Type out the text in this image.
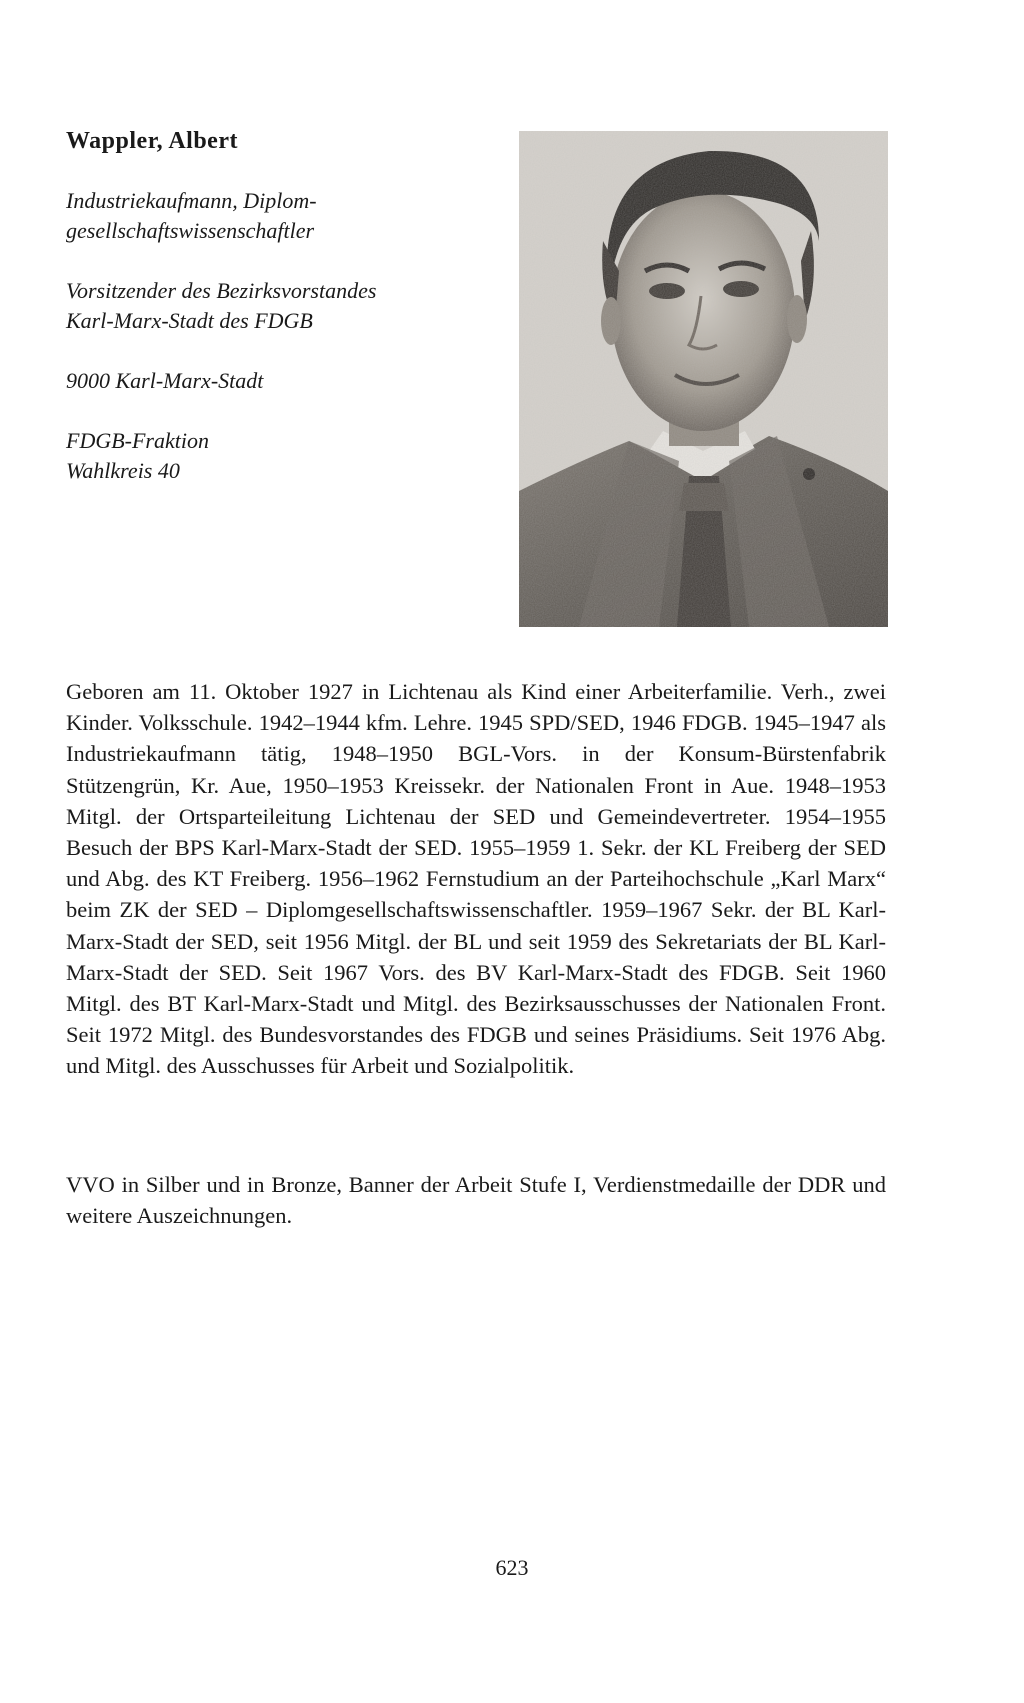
Wappler, Albert
Industriekaufmann, Diplom-
gesellschaftswissenschaftler
Vorsitzender des Bezirksvorstandes
Karl-Marx-Stadt des FDGB
9000 Karl-Marx-Stadt
FDGB-Fraktion
Wahlkreis 40

Geboren am 11. Oktober 1927 in Lichtenau als Kind einer Arbeiterfamilie. Verh., zwei Kinder. Volksschule. 1942–1944 kfm. Lehre. 1945 SPD/SED, 1946 FDGB. 1945–1947 als Industriekaufmann tätig, 1948–1950 BGL-Vors. in der Konsum-Bürstenfabrik Stützengrün, Kr. Aue, 1950–1953 Kreissekr. der Nationalen Front in Aue. 1948–1953 Mitgl. der Ortsparteileitung Lichtenau der SED und Gemeindevertreter. 1954–1955 Besuch der BPS Karl-Marx-Stadt der SED. 1955–1959 1. Sekr. der KL Freiberg der SED und Abg. des KT Freiberg. 1956–1962 Fernstudium an der Parteihochschule „Karl Marx“ beim ZK der SED – Diplomgesellschaftswissenschaftler. 1959–1967 Sekr. der BL Karl-Marx-Stadt der SED, seit 1956 Mitgl. der BL und seit 1959 des Sekretariats der BL Karl-Marx-Stadt der SED. Seit 1967 Vors. des BV Karl-Marx-Stadt des FDGB. Seit 1960 Mitgl. des BT Karl-Marx-Stadt und Mitgl. des Bezirksausschusses der Nationalen Front. Seit 1972 Mitgl. des Bundesvorstandes des FDGB und seines Präsidiums. Seit 1976 Abg. und Mitgl. des Ausschusses für Arbeit und Sozialpolitik.

VVO in Silber und in Bronze, Banner der Arbeit Stufe I, Verdienstmedaille der DDR und weitere Auszeichnungen.

623
